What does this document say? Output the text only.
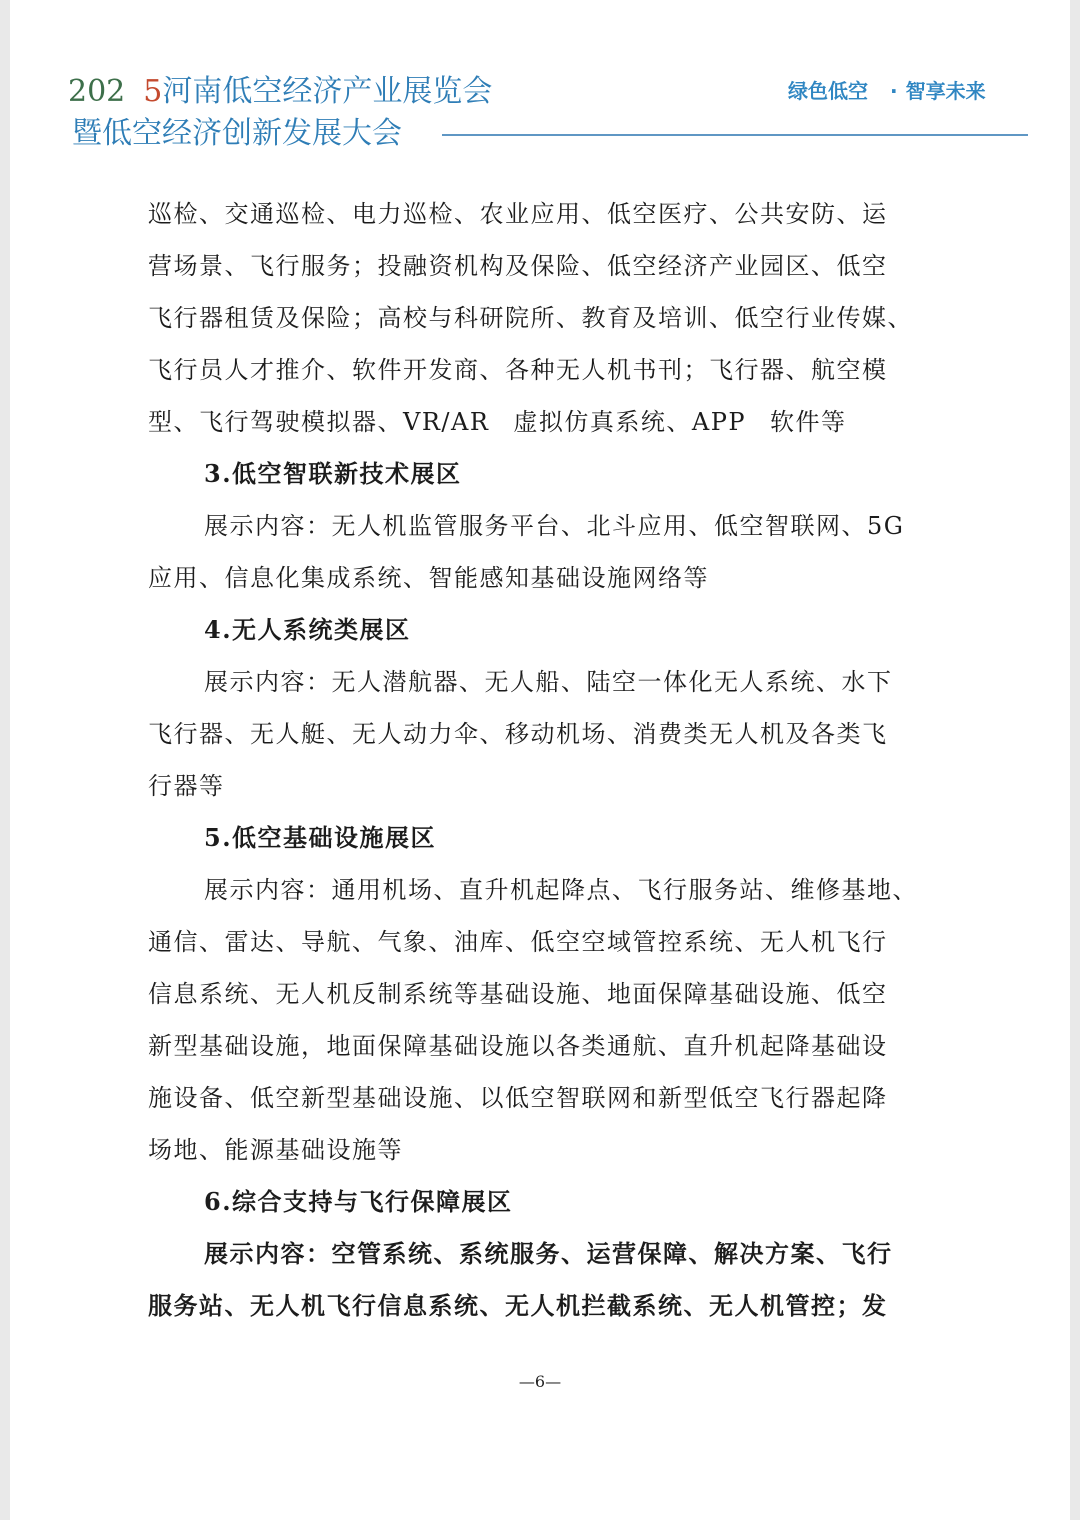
202 5河南低空经济产业展览会
暨低空经济创新发展大会
绿色低空 · 智享未来

巡检、交通巡检、电力巡检、农业应用、低空医疗、公共安防、运

营场景、飞行服务；投融资机构及保险、低空经济产业园区、低空

飞行器租赁及保险；高校与科研院所、教育及培训、低空行业传媒、

飞行员人才推介、软件开发商、各种无人机书刊；飞行器、航空模

型、飞行驾驶模拟器、VR/AR 虚拟仿真系统、APP 软件等

3.低空智联新技术展区

展示内容：无人机监管服务平台、北斗应用、低空智联网、5G

应用、信息化集成系统、智能感知基础设施网络等

4.无人系统类展区

展示内容：无人潜航器、无人船、陆空一体化无人系统、水下

飞行器、无人艇、无人动力伞、移动机场、消费类无人机及各类飞

行器等

5.低空基础设施展区

展示内容：通用机场、直升机起降点、飞行服务站、维修基地、

通信、雷达、导航、气象、油库、低空空域管控系统、无人机飞行

信息系统、无人机反制系统等基础设施、地面保障基础设施、低空

新型基础设施，地面保障基础设施以各类通航、直升机起降基础设

施设备、低空新型基础设施、以低空智联网和新型低空飞行器起降

场地、能源基础设施等

6.综合支持与飞行保障展区

展示内容：空管系统、系统服务、运营保障、解决方案、飞行

服务站、无人机飞行信息系统、无人机拦截系统、无人机管控；发

—6—
